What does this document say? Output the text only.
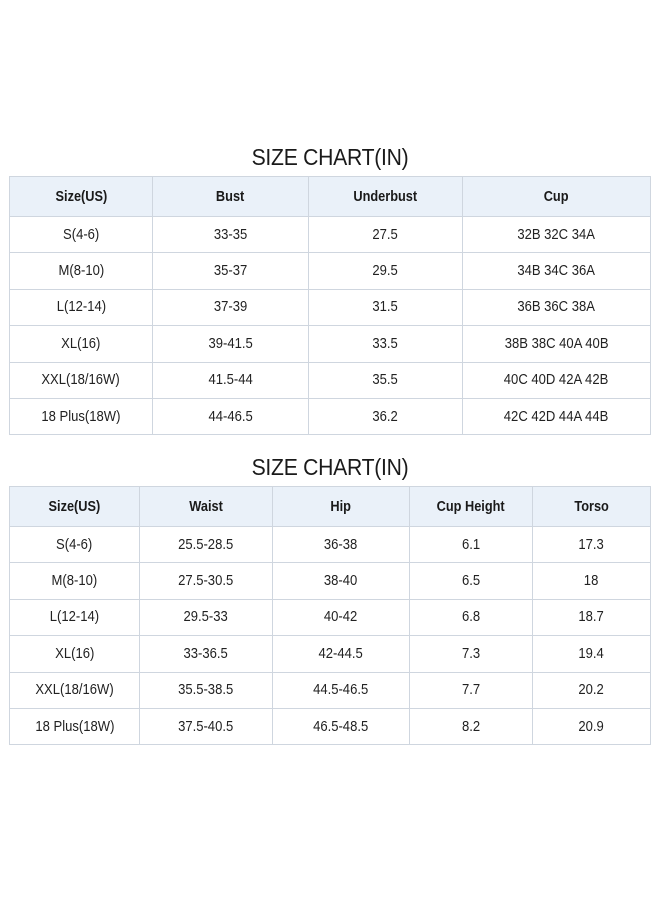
SIZE CHART(IN)
Size(US)	Bust	Underbust	Cup
S(4-6)	33-35	27.5	32B 32C 34A
M(8-10)	35-37	29.5	34B 34C 36A
L(12-14)	37-39	31.5	36B 36C 38A
XL(16)	39-41.5	33.5	38B 38C 40A 40B
XXL(18/16W)	41.5-44	35.5	40C 40D 42A 42B
18 Plus(18W)	44-46.5	36.2	42C 42D 44A 44B
SIZE CHART(IN)
Size(US)	Waist	Hip	Cup Height	Torso
S(4-6)	25.5-28.5	36-38	6.1	17.3
M(8-10)	27.5-30.5	38-40	6.5	18
L(12-14)	29.5-33	40-42	6.8	18.7
XL(16)	33-36.5	42-44.5	7.3	19.4
XXL(18/16W)	35.5-38.5	44.5-46.5	7.7	20.2
18 Plus(18W)	37.5-40.5	46.5-48.5	8.2	20.9
